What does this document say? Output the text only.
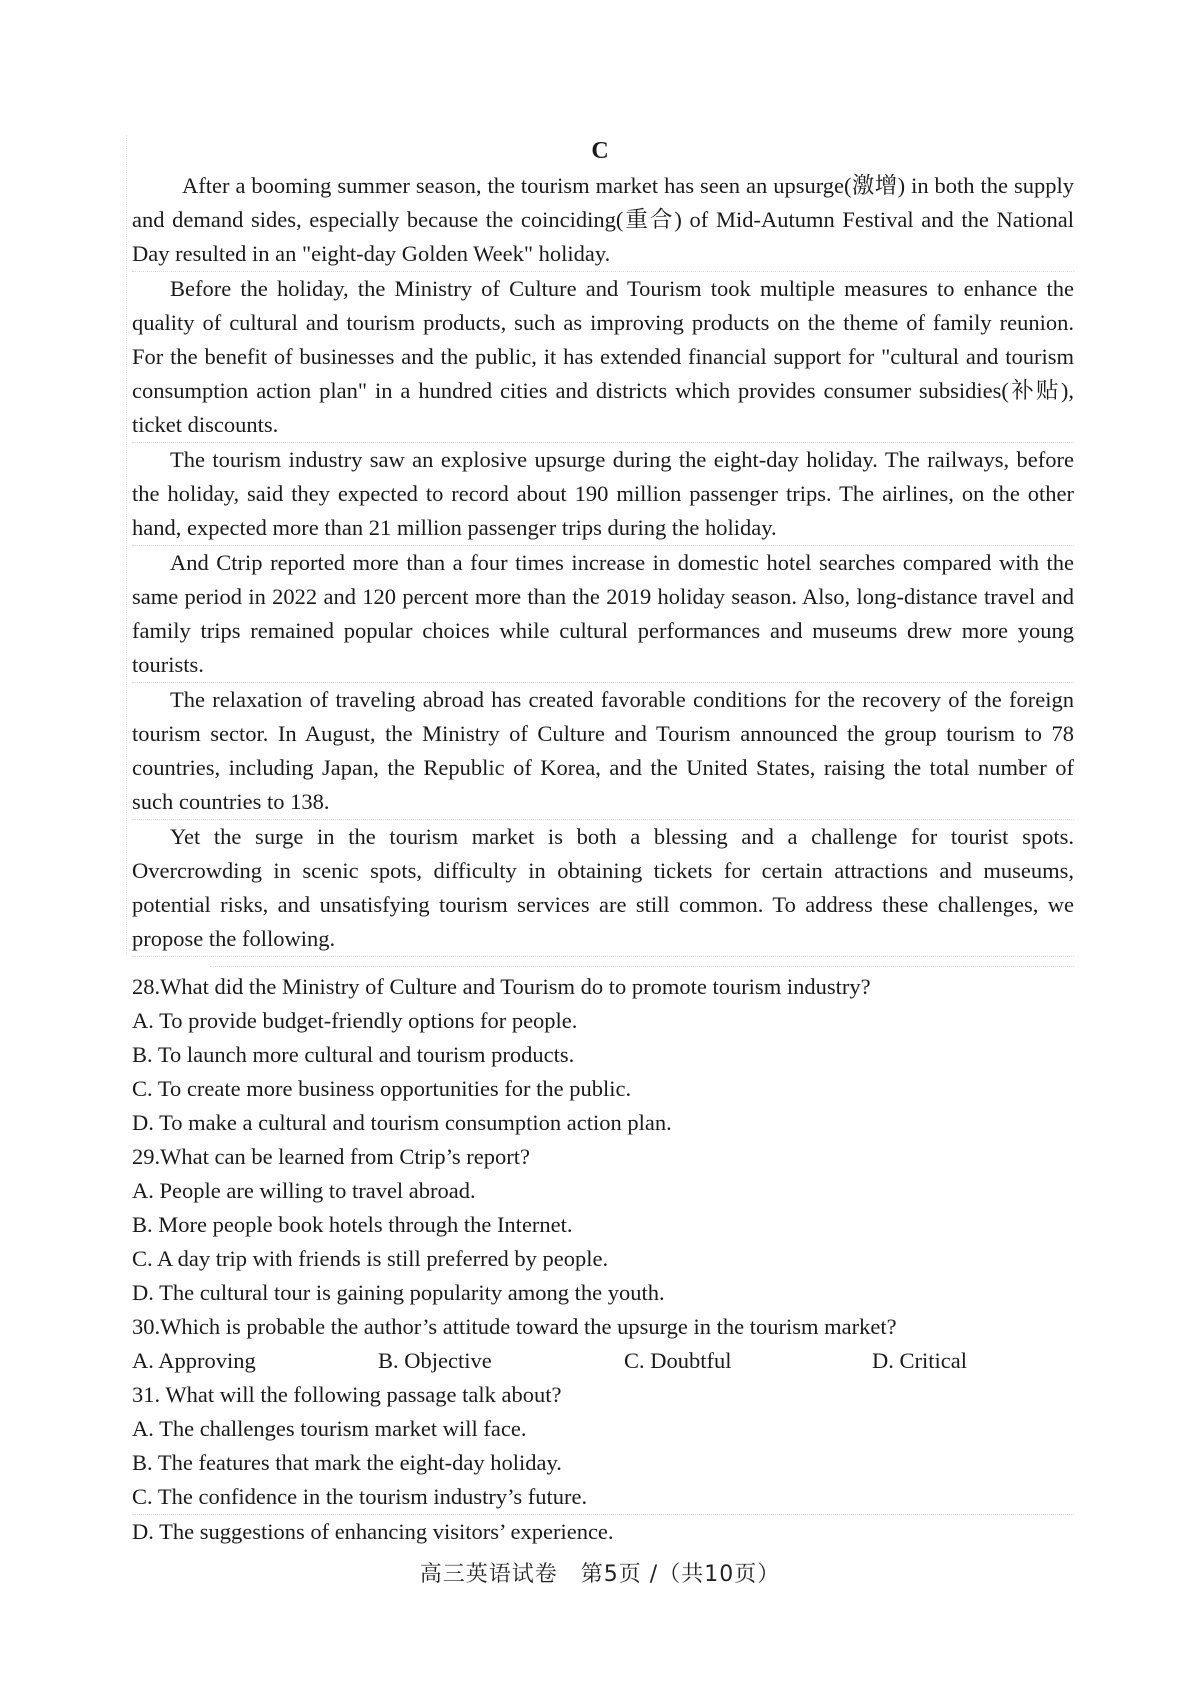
C

After a booming summer season, the tourism market has seen an upsurge(激增) in both the supply and demand sides, especially because the coinciding(重合) of Mid-Autumn Festival and the National Day resulted in an "eight-day Golden Week" holiday.

Before the holiday, the Ministry of Culture and Tourism took multiple measures to enhance the quality of cultural and tourism products, such as improving products on the theme of family reunion. For the benefit of businesses and the public, it has extended financial support for "cultural and tourism consumption action plan" in a hundred cities and districts which provides consumer subsidies(补贴), ticket discounts.

The tourism industry saw an explosive upsurge during the eight-day holiday. The railways, before the holiday, said they expected to record about 190 million passenger trips. The airlines, on the other hand, expected more than 21 million passenger trips during the holiday.

And Ctrip reported more than a four times increase in domestic hotel searches compared with the same period in 2022 and 120 percent more than the 2019 holiday season. Also, long-distance travel and family trips remained popular choices while cultural performances and museums drew more young tourists.

The relaxation of traveling abroad has created favorable conditions for the recovery of the foreign tourism sector. In August, the Ministry of Culture and Tourism announced the group tourism to 78 countries, including Japan, the Republic of Korea, and the United States, raising the total number of such countries to 138.

Yet the surge in the tourism market is both a blessing and a challenge for tourist spots. Overcrowding in scenic spots, difficulty in obtaining tickets for certain attractions and museums, potential risks, and unsatisfying tourism services are still common. To address these challenges, we propose the following.

28.What did the Ministry of Culture and Tourism do to promote tourism industry?
A. To provide budget-friendly options for people.
B. To launch more cultural and tourism products.
C. To create more business opportunities for the public.
D. To make a cultural and tourism consumption action plan.
29.What can be learned from Ctrip’s report?
A. People are willing to travel abroad.
B. More people book hotels through the Internet.
C. A day trip with friends is still preferred by people.
D. The cultural tour is gaining popularity among the youth.
30.Which is probable the author’s attitude toward the upsurge in the tourism market?
A. Approving	B. Objective	C. Doubtful	D. Critical
31. What will the following passage talk about?
A. The challenges tourism market will face.
B. The features that mark the eight-day holiday.
C. The confidence in the tourism industry’s future.
D. The suggestions of enhancing visitors’ experience.
高三英语试卷　第5页 /（共10页）
